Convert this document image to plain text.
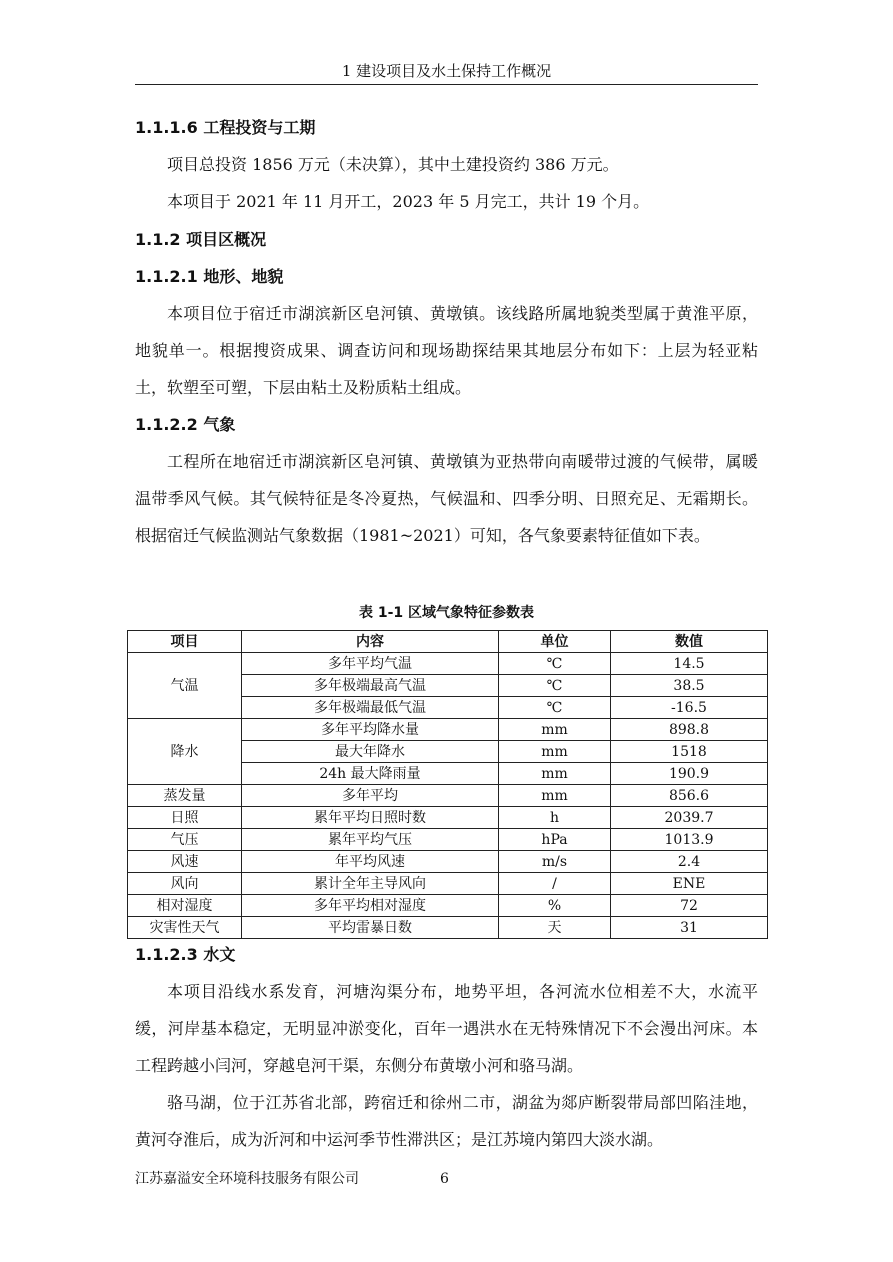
1 建设项目及水土保持工作概况
1.1.1.6 工程投资与工期

项目总投资 1856 万元（未决算），其中土建投资约 386 万元。

本项目于 2021 年 11 月开工，2023 年 5 月完工，共计 19 个月。

1.1.2 项目区概况
1.1.2.1 地形、地貌

本项目位于宿迁市湖滨新区皂河镇、黄墩镇。该线路所属地貌类型属于黄淮平原，地貌单一。根据搜资成果、调查访问和现场勘探结果其地层分布如下：上层为轻亚粘土，软塑至可塑，下层由粘土及粉质粘土组成。

1.1.2.2 气象

工程所在地宿迁市湖滨新区皂河镇、黄墩镇为亚热带向南暖带过渡的气候带，属暖温带季风气候。其气候特征是冬冷夏热，气候温和、四季分明、日照充足、无霜期长。根据宿迁气候监测站气象数据（1981~2021）可知，各气象要素特征值如下表。

表 1-1 区域气象特征参数表
项目	内容	单位	数值
气温	多年平均气温	℃	14.5
	多年极端最高气温	℃	38.5
	多年极端最低气温	℃	-16.5
降水	多年平均降水量	mm	898.8
	最大年降水	mm	1518
	24h 最大降雨量	mm	190.9
蒸发量	多年平均	mm	856.6
日照	累年平均日照时数	h	2039.7
气压	累年平均气压	hPa	1013.9
风速	年平均风速	m/s	2.4
风向	累计全年主导风向	/	ENE
相对湿度	多年平均相对湿度	%	72
灾害性天气	平均雷暴日数	天	31
1.1.2.3 水文

本项目沿线水系发育，河塘沟渠分布，地势平坦，各河流水位相差不大，水流平缓，河岸基本稳定，无明显冲淤变化，百年一遇洪水在无特殊情况下不会漫出河床。本工程跨越小闫河，穿越皂河干渠，东侧分布黄墩小河和骆马湖。

骆马湖，位于江苏省北部，跨宿迁和徐州二市，湖盆为郯庐断裂带局部凹陷洼地，黄河夺淮后，成为沂河和中运河季节性滞洪区；是江苏境内第四大淡水湖。

江苏嘉溢安全环境科技服务有限公司	6
